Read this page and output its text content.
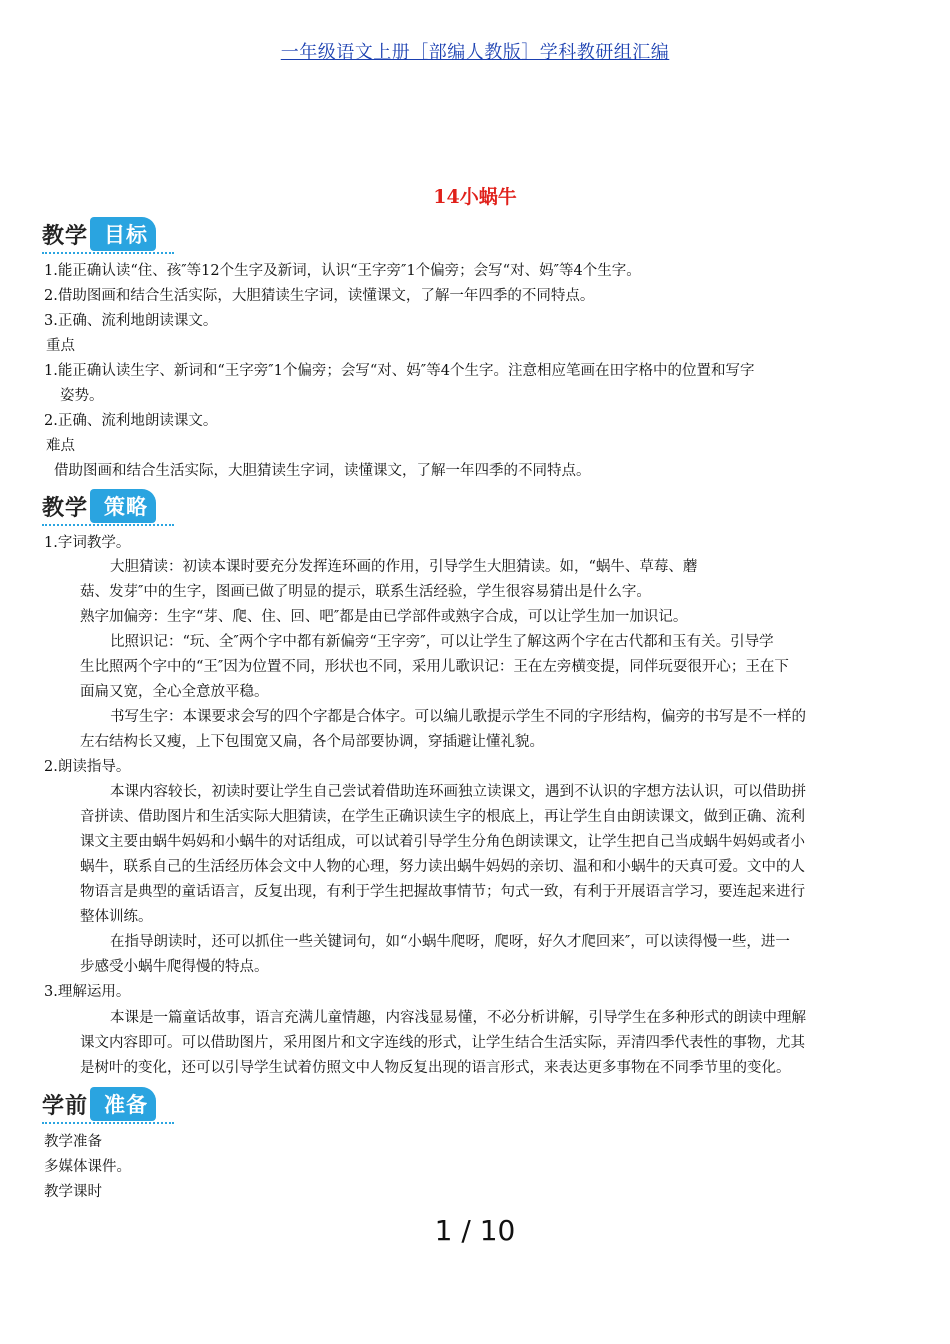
一年级语文上册［部编人教版］学科教研组汇编
14小蜗牛
教学 目标
1.能正确认读“住、孩″等12个生字及新词，认识“王字旁″1个偏旁；会写“对、妈″等4个生字。
2.借助图画和结合生活实际，大胆猜读生字词，读懂课文，了解一年四季的不同特点。
3.正确、流利地朗读课文。
重点
1.能正确认读生字、新词和“王字旁″1个偏旁；会写“对、妈″等4个生字。注意相应笔画在田字格中的位置和写字
姿势。
2.正确、流利地朗读课文。
难点
借助图画和结合生活实际，大胆猜读生字词，读懂课文，了解一年四季的不同特点。
教学 策略
1.字词教学。
大胆猜读：初读本课时要充分发挥连环画的作用，引导学生大胆猜读。如，“蜗牛、草莓、蘑
菇、发芽″中的生字，图画已做了明显的提示，联系生活经验，学生很容易猜出是什么字。
熟字加偏旁：生字“芽、爬、住、回、吧″都是由已学部件或熟字合成，可以让学生加一加识记。
比照识记：“玩、全″两个字中都有新偏旁“王字旁″，可以让学生了解这两个字在古代都和玉有关。引导学
生比照两个字中的“王″因为位置不同，形状也不同，采用儿歌识记：王在左旁横变提，同伴玩耍很开心；王在下
面扁又宽，全心全意放平稳。
书写生字：本课要求会写的四个字都是合体字。可以编儿歌提示学生不同的字形结构，偏旁的书写是不一样的
左右结构长又瘦，上下包围宽又扁，各个局部要协调，穿插避让懂礼貌。
2.朗读指导。
本课内容较长，初读时要让学生自己尝试着借助连环画独立读课文，遇到不认识的字想方法认识，可以借助拼
音拼读、借助图片和生活实际大胆猜读，在学生正确识读生字的根底上，再让学生自由朗读课文，做到正确、流利
课文主要由蜗牛妈妈和小蜗牛的对话组成，可以试着引导学生分角色朗读课文，让学生把自己当成蜗牛妈妈或者小
蜗牛，联系自己的生活经历体会文中人物的心理，努力读出蜗牛妈妈的亲切、温和和小蜗牛的天真可爱。文中的人
物语言是典型的童话语言，反复出现，有利于学生把握故事情节；句式一致，有利于开展语言学习，要连起来进行
整体训练。
在指导朗读时，还可以抓住一些关键词句，如“小蜗牛爬呀，爬呀，好久才爬回来″，可以读得慢一些，进一
步感受小蜗牛爬得慢的特点。
3.理解运用。
本课是一篇童话故事，语言充满儿童情趣，内容浅显易懂，不必分析讲解，引导学生在多种形式的朗读中理解
课文内容即可。可以借助图片，采用图片和文字连线的形式，让学生结合生活实际，弄清四季代表性的事物，尤其
是树叶的变化，还可以引导学生试着仿照文中人物反复出现的语言形式，来表达更多事物在不同季节里的变化。
学前 准备
教学准备
多媒体课件。
教学课时
1 / 10
